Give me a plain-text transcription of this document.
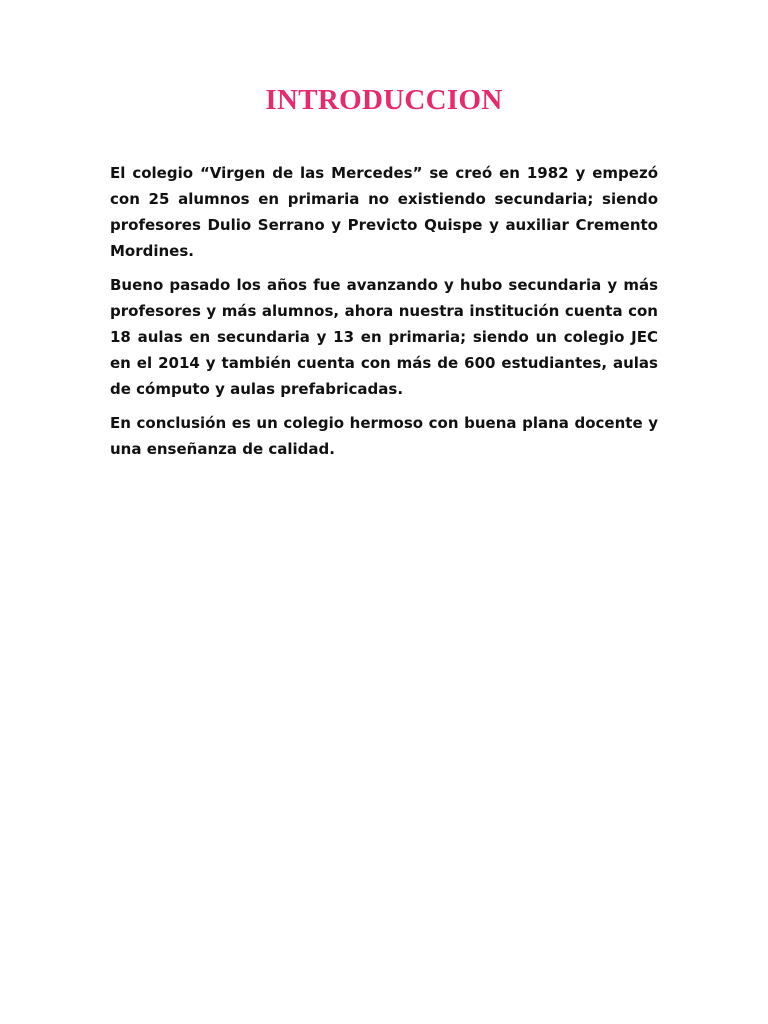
INTRODUCCION

El colegio “Virgen de las Mercedes” se creó en 1982 y empezó con 25 alumnos en primaria no existiendo secundaria; siendo profesores Dulio Serrano y Previcto Quispe y auxiliar Cremento Mordines.

Bueno pasado los años fue avanzando y hubo secundaria y más profesores y más alumnos, ahora nuestra institución cuenta con 18 aulas en secundaria y 13 en primaria; siendo un colegio JEC en el 2014 y también cuenta con más de 600 estudiantes, aulas de cómputo y aulas prefabricadas.

En conclusión es un colegio hermoso con buena plana docente y una enseñanza de calidad.
